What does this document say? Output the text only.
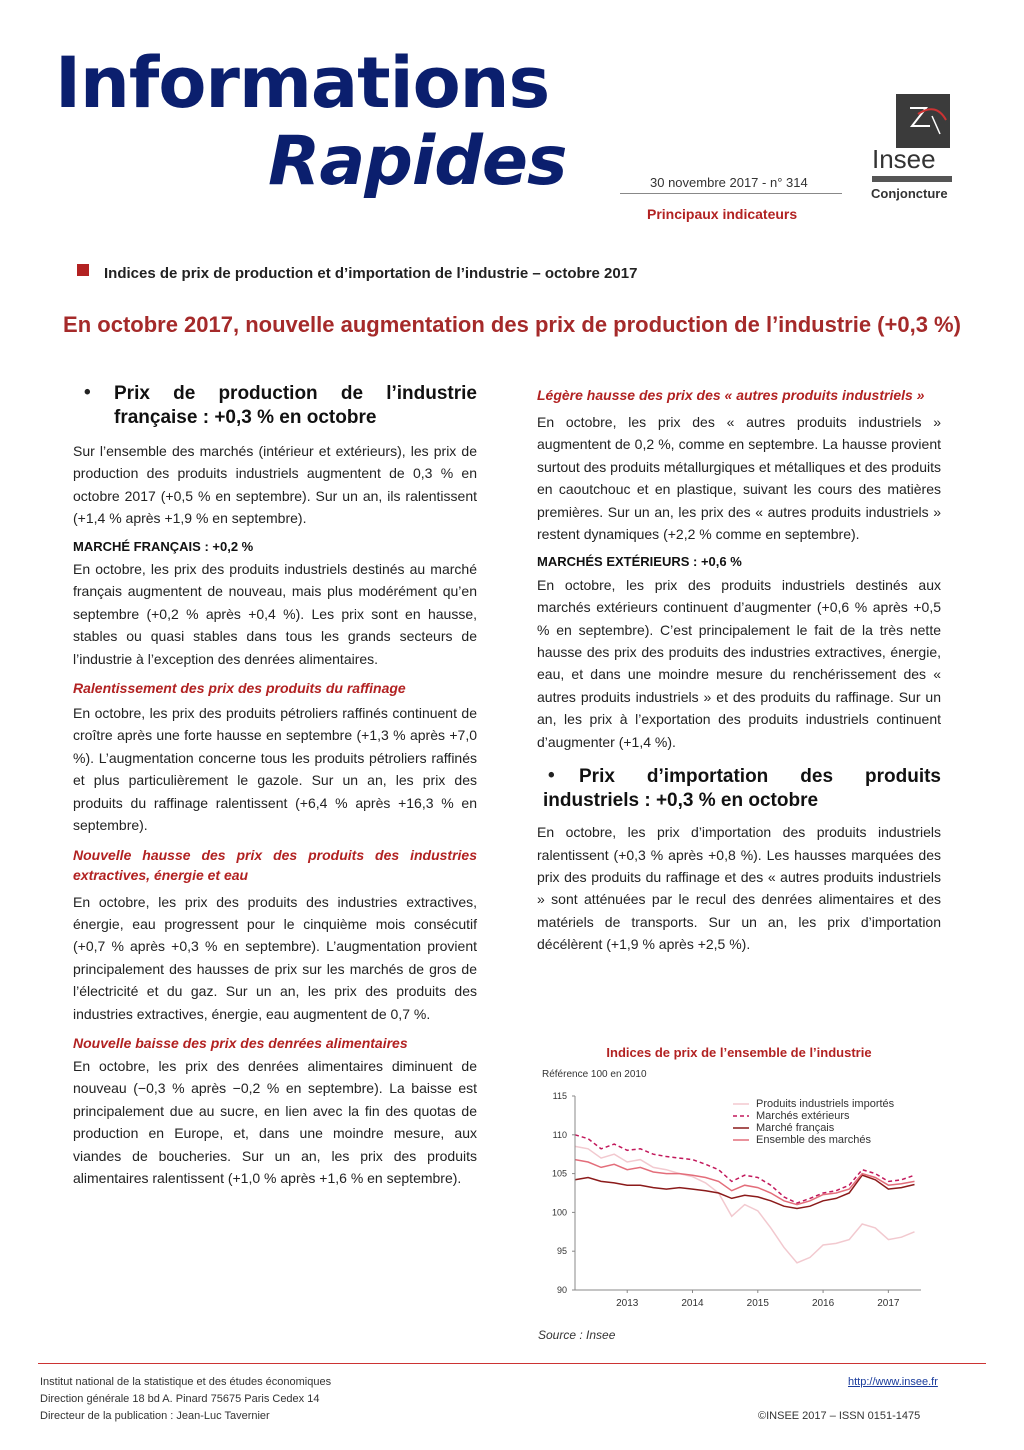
Informations
Rapides	30 novembre 2017 - n° 314
Principaux indicateurs
Insee
Conjoncture
Indices de prix de production et d’importation de l’industrie – octobre 2017
En octobre 2017, nouvelle augmentation des prix de production de l’industrie (+0,3 %)
• Prix de production de l’industrie française : +0,3 % en octobre

Sur l’ensemble des marchés (intérieur et extérieurs), les prix de production des produits industriels augmentent de 0,3 % en octobre 2017 (+0,5 % en septembre). Sur un an, ils ralentissent (+1,4 % après +1,9 % en septembre).

MARCHÉ FRANÇAIS : +0,2 %

En octobre, les prix des produits industriels destinés au marché français augmentent de nouveau, mais plus modérément qu’en septembre (+0,2 % après +0,4 %). Les prix sont en hausse, stables ou quasi stables dans tous les grands secteurs de l’industrie à l’exception des denrées alimentaires.

Ralentissement des prix des produits du raffinage

En octobre, les prix des produits pétroliers raffinés continuent de croître après une forte hausse en septembre (+1,3 % après +7,0 %). L’augmentation concerne tous les produits pétroliers raffinés et plus particulièrement le gazole. Sur un an, les prix des produits du raffinage ralentissent (+6,4 % après +16,3 % en septembre).

Nouvelle hausse des prix des produits des industries extractives, énergie et eau

En octobre, les prix des produits des industries extractives, énergie, eau progressent pour le cinquième mois consécutif (+0,7 % après +0,3 % en septembre). L’augmentation provient principalement des hausses de prix sur les marchés de gros de l’électricité et du gaz. Sur un an, les prix des produits des industries extractives, énergie, eau augmentent de 0,7 %.

Nouvelle baisse des prix des denrées alimentaires

En octobre, les prix des denrées alimentaires diminuent de nouveau (−0,3 % après −0,2 % en septembre). La baisse est principalement due au sucre, en lien avec la fin des quotas de production en Europe, et, dans une moindre mesure, aux viandes de boucheries. Sur un an, les prix des produits alimentaires ralentissent (+1,0 % après +1,6 % en septembre).

Légère hausse des prix des « autres produits industriels »

En octobre, les prix des « autres produits industriels » augmentent de 0,2 %, comme en septembre. La hausse provient surtout des produits métallurgiques et métalliques et des produits en caoutchouc et en plastique, suivant les cours des matières premières. Sur un an, les prix des « autres produits industriels » restent dynamiques (+2,2 % comme en septembre).

MARCHÉS EXTÉRIEURS : +0,6 %

En octobre, les prix des produits industriels destinés aux marchés extérieurs continuent d’augmenter (+0,6 % après +0,5 % en septembre). C’est principalement le fait de la très nette hausse des prix des produits des industries extractives, énergie, eau, et dans une moindre mesure du renchérissement des « autres produits industriels » et des produits du raffinage. Sur un an, les prix à l’exportation des produits industriels continuent d’augmenter (+1,4 %).

Prix d’importation des produits industriels : +0,3 % en octobre
•

En octobre, les prix d’importation des produits industriels ralentissent (+0,3 % après +0,8 %). Les hausses marquées des prix des produits du raffinage et des « autres produits industriels » sont atténuées par le recul des denrées alimentaires et des matériels de transports. Sur un an, les prix d’importation décélèrent (+1,9 % après +2,5 %).

Indices de prix de l’ensemble de l’industrie
Référence 100 en 2010
115
110
105
100
95
90
2013	2014	2015	2016	2017
Produits industriels importés
Marchés extérieurs
Marché français
Ensemble des marchés
Source : Insee
Institut national de la statistique et des études économiques
Direction générale 18 bd A. Pinard 75675 Paris Cedex 14
Directeur de la publication : Jean-Luc Tavernier
http://www.insee.fr
©INSEE 2017 – ISSN 0151-1475
